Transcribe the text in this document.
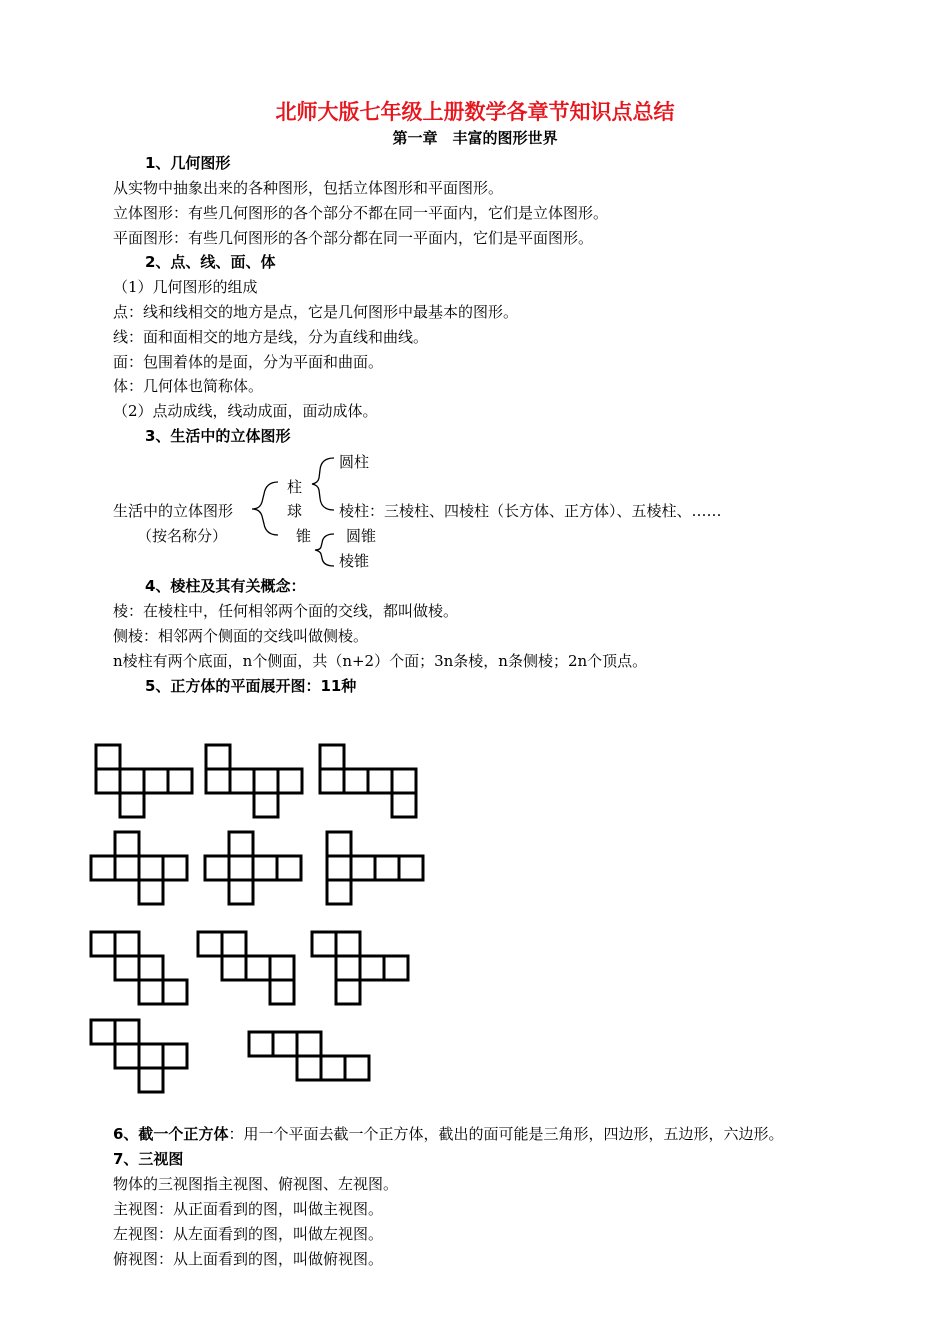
北师大版七年级上册数学各章节知识点总结
第一章　丰富的图形世界
1、几何图形
从实物中抽象出来的各种图形，包括立体图形和平面图形。
立体图形：有些几何图形的各个部分不都在同一平面内，它们是立体图形。
平面图形：有些几何图形的各个部分都在同一平面内，它们是平面图形。
2、点、线、面、体
（1）几何图形的组成
点：线和线相交的地方是点，它是几何图形中最基本的图形。
线：面和面相交的地方是线，分为直线和曲线。
面：包围着体的是面，分为平面和曲面。
体：几何体也简称体。
（2）点动成线，线动成面，面动成体。
3、生活中的立体图形
圆柱
柱
生活中的立体图形	球 棱柱：三棱柱、四棱柱（长方体、正方体）、五棱柱、……
（按名称分）	锥 圆锥
棱锥
4、棱柱及其有关概念：
棱：在棱柱中，任何相邻两个面的交线，都叫做棱。
侧棱：相邻两个侧面的交线叫做侧棱。
n棱柱有两个底面，n个侧面，共（n+2）个面；3n条棱，n条侧棱；2n个顶点。
5、正方体的平面展开图：11种
6、截一个正方体：用一个平面去截一个正方体，截出的面可能是三角形，四边形，五边形，六边形。
7、三视图
物体的三视图指主视图、俯视图、左视图。
主视图：从正面看到的图，叫做主视图。
左视图：从左面看到的图，叫做左视图。
俯视图：从上面看到的图，叫做俯视图。
